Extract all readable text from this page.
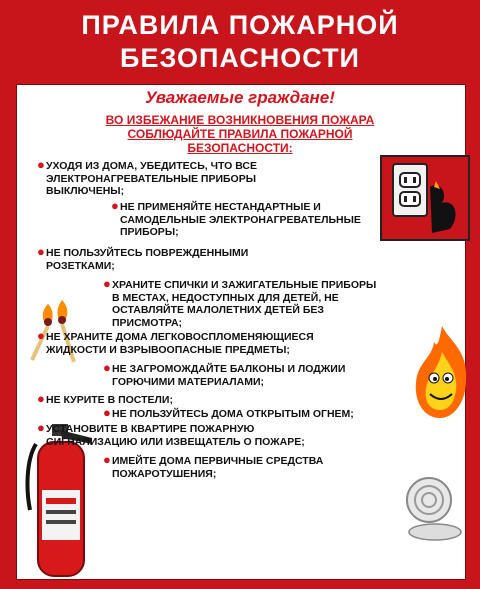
ПРАВИЛА ПОЖАРНОЙ
БЕЗОПАСНОСТИ
Уважаемые граждане!
ВО ИЗБЕЖАНИЕ ВОЗНИКНОВЕНИЯ ПОЖАРА
СОБЛЮДАЙТЕ ПРАВИЛА ПОЖАРНОЙ
БЕЗОПАСНОСТИ:
● УХОДЯ ИЗ ДОМА, УБЕДИТЕСЬ, ЧТО ВСЕ
ЭЛЕКТРОНАГРЕВАТЕЛЬНЫЕ ПРИБОРЫ
ВЫКЛЮЧЕНЫ;
● НЕ ПРИМЕНЯЙТЕ НЕСТАНДАРТНЫЕ И
САМОДЕЛЬНЫЕ ЭЛЕКТРОНАГРЕВАТЕЛЬНЫЕ
ПРИБОРЫ;
● НЕ ПОЛЬЗУЙТЕСЬ ПОВРЕЖДЕННЫМИ
РОЗЕТКАМИ;
● ХРАНИТЕ СПИЧКИ И ЗАЖИГАТЕЛЬНЫЕ ПРИБОРЫ
В МЕСТАХ, НЕДОСТУПНЫХ ДЛЯ ДЕТЕЙ, НЕ
ОСТАВЛЯЙТЕ МАЛОЛЕТНИХ ДЕТЕЙ БЕЗ
ПРИСМОТРА;
● НЕ ХРАНИТЕ ДОМА ЛЕГКОВОСПЛОМЕНЯЮЩИЕСЯ
ЖИДКОСТИ И ВЗРЫВООПАСНЫЕ ПРЕДМЕТЫ;
● НЕ ЗАГРОМОЖДАЙТЕ БАЛКОНЫ И ЛОДЖИИ
ГОРЮЧИМИ МАТЕРИАЛАМИ;
● НЕ КУРИТЕ В ПОСТЕЛИ;
● НЕ ПОЛЬЗУЙТЕСЬ ДОМА ОТКРЫТЫМ ОГНЕМ;
● УСТАНОВИТЕ В КВАРТИРЕ ПОЖАРНУЮ
СИГНАЛИЗАЦИЮ ИЛИ ИЗВЕЩАТЕЛЬ О ПОЖАРЕ;
● ИМЕЙТЕ ДОМА ПЕРВИЧНЫЕ СРЕДСТВА
ПОЖАРОТУШЕНИЯ;
